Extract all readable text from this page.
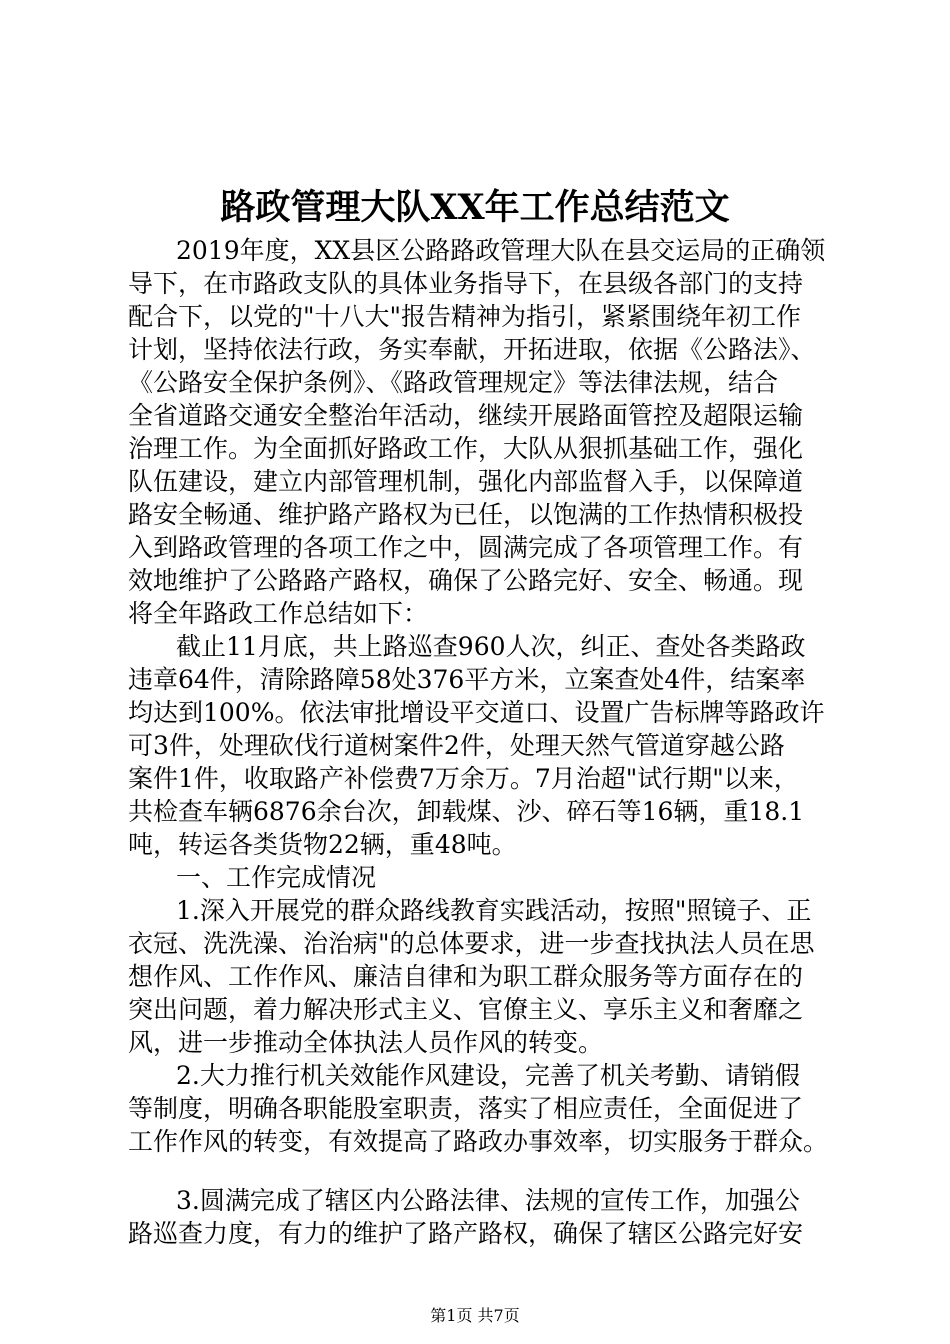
路政管理大队XX年工作总结范文
2019年度，XX县区公路路政管理大队在县交运局的正确领
导下，在市路政支队的具体业务指导下，在县级各部门的支持
配合下，以党的"十八大"报告精神为指引，紧紧围绕年初工作
计划，坚持依法行政，务实奉献，开拓进取，依据《公路法》、
《公路安全保护条例》、《路政管理规定》等法律法规，结合
全省道路交通安全整治年活动，继续开展路面管控及超限运输
治理工作。为全面抓好路政工作，大队从狠抓基础工作，强化
队伍建设，建立内部管理机制，强化内部监督入手，以保障道
路安全畅通、维护路产路权为已任，以饱满的工作热情积极投
入到路政管理的各项工作之中，圆满完成了各项管理工作。有
效地维护了公路路产路权，确保了公路完好、安全、畅通。现
将全年路政工作总结如下：
截止11月底，共上路巡查960人次，纠正、查处各类路政
违章64件，清除路障58处376平方米，立案查处4件，结案率
均达到100%。依法审批增设平交道口、设置广告标牌等路政许
可3件，处理砍伐行道树案件2件，处理天然气管道穿越公路
案件1件，收取路产补偿费7万余万。7月治超"试行期"以来，
共检查车辆6876余台次，卸载煤、沙、碎石等16辆，重18.1
吨，转运各类货物22辆，重48吨。
一、工作完成情况
1.深入开展党的群众路线教育实践活动，按照"照镜子、正
衣冠、洗洗澡、治治病"的总体要求，进一步查找执法人员在思
想作风、工作作风、廉洁自律和为职工群众服务等方面存在的
突出问题，着力解决形式主义、官僚主义、享乐主义和奢靡之
风，进一步推动全体执法人员作风的转变。
2.大力推行机关效能作风建设，完善了机关考勤、请销假
等制度，明确各职能股室职责，落实了相应责任，全面促进了
工作作风的转变，有效提高了路政办事效率，切实服务于群众。
3.圆满完成了辖区内公路法律、法规的宣传工作，加强公
路巡查力度，有力的维护了路产路权，确保了辖区公路完好安
第1页 共7页
